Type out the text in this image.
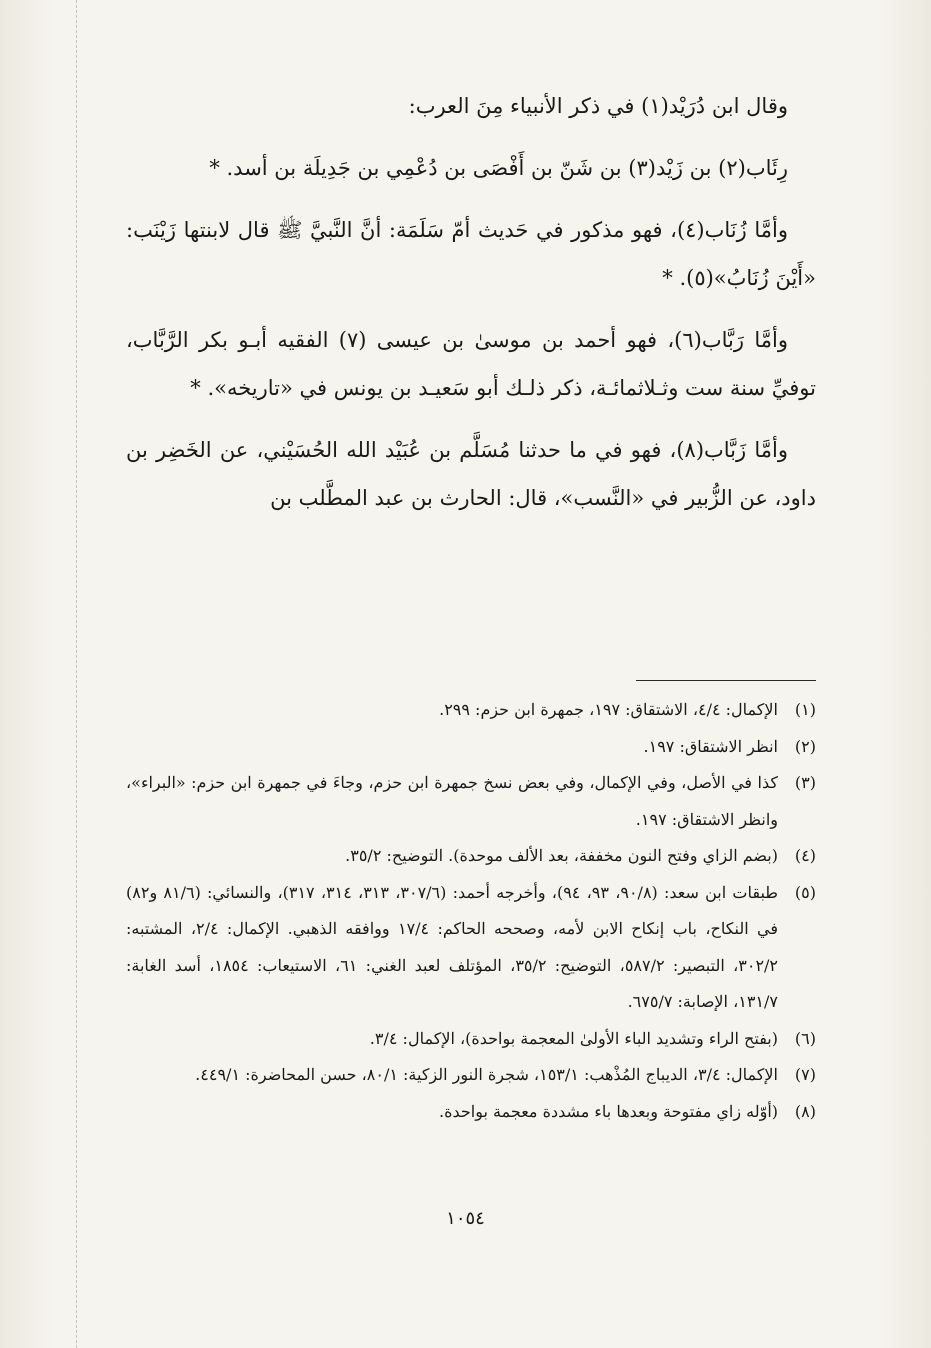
وقال ابن دُرَيْد(١) في ذكر الأنبياء مِنَ العرب:

رِئَاب(٢) بن زَيْد(٣) بن شَنّ بن أَفْصَى بن دُعْمِي بن جَدِيلَة بن أسد. *

وأمَّا زُنَاب(٤)، فهو مذكور في حَديث أمّ سَلَمَة: أنَّ النَّبيَّ ﷺ قال لابنتها زَيْنَب: «أَيْنَ زُنَابُ»(٥). *

وأمَّا رَبَّاب(٦)، فهو أحمد بن موسىٰ بن عيسى (٧) الفقيه أبـو بكر الرَّبَّاب، توفيِّ سنة ست وثـلاثمائـة، ذكر ذلـك أبو سَعيـد بن يونس في «تاريخه». *

وأمَّا زَبَّاب(٨)، فهو في ما حدثنا مُسَلَّم بن عُبَيْد الله الحُسَيْني، عن الخَضِر بن داود، عن الزُّبير في «النَّسب»، قال: الحارث بن عبد المطَّلب بن

(١)
الإكمال: ٤/٤، الاشتقاق: ١٩٧، جمهرة ابن حزم: ٢٩٩.
(٢)
انظر الاشتقاق: ١٩٧.
(٣)
كذا في الأصل، وفي الإكمال، وفي بعض نسخ جمهرة ابن حزم، وجاءَ في جمهرة ابن حزم: «البراء»، وانظر الاشتقاق: ١٩٧.
(٤)
(بضم الزاي وفتح النون مخففة، بعد الألف موحدة). التوضيح: ٣٥/٢.
(٥)
طبقات ابن سعد: (٩٠/٨، ٩٣، ٩٤)، وأخرجه أحمد: (٣٠٧/٦، ٣١٣، ٣١٤، ٣١٧)، والنسائي: (٨١/٦ و٨٢) في النكاح، باب إنكاح الابن لأمه، وصححه الحاكم: ١٧/٤ ووافقه الذهبي. الإكمال: ٢/٤، المشتبه: ٣٠٢/٢، التبصير: ٥٨٧/٢، التوضيح: ٣٥/٢، المؤتلف لعبد الغني: ٦١، الاستيعاب: ١٨٥٤، أسد الغابة: ١٣١/٧، الإصابة: ٦٧٥/٧.
(٦)
(بفتح الراء وتشديد الباء الأولىٰ المعجمة بواحدة)، الإكمال: ٣/٤.
(٧)
الإكمال: ٣/٤، الديباج المُذْهب: ١٥٣/١، شجرة النور الزكية: ٨٠/١، حسن المحاضرة: ٤٤٩/١.
(٨)
(أوّله زاي مفتوحة وبعدها باء مشددة معجمة بواحدة.
١٠٥٤
